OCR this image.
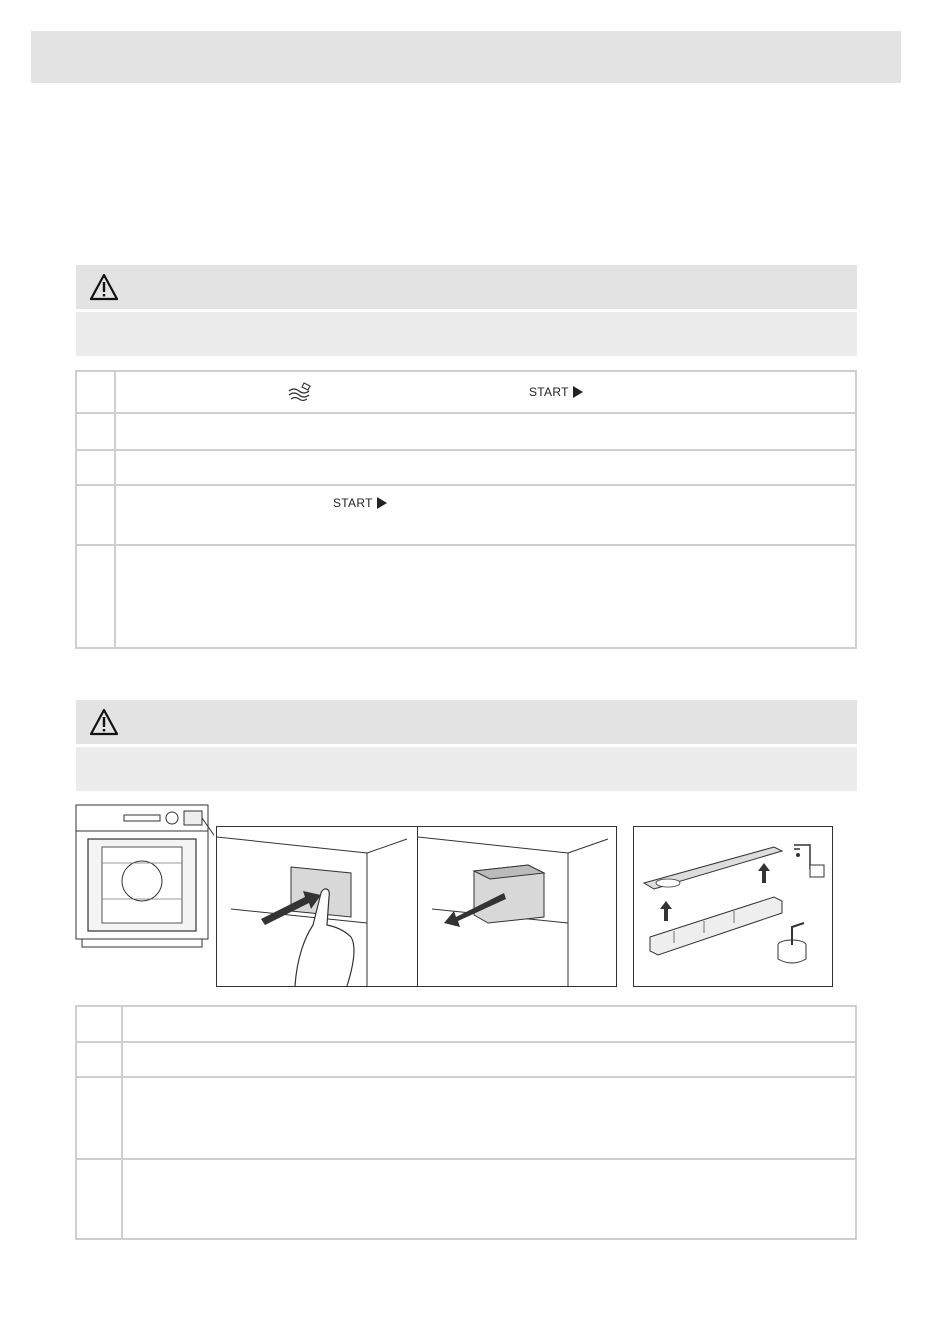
	START

	START
